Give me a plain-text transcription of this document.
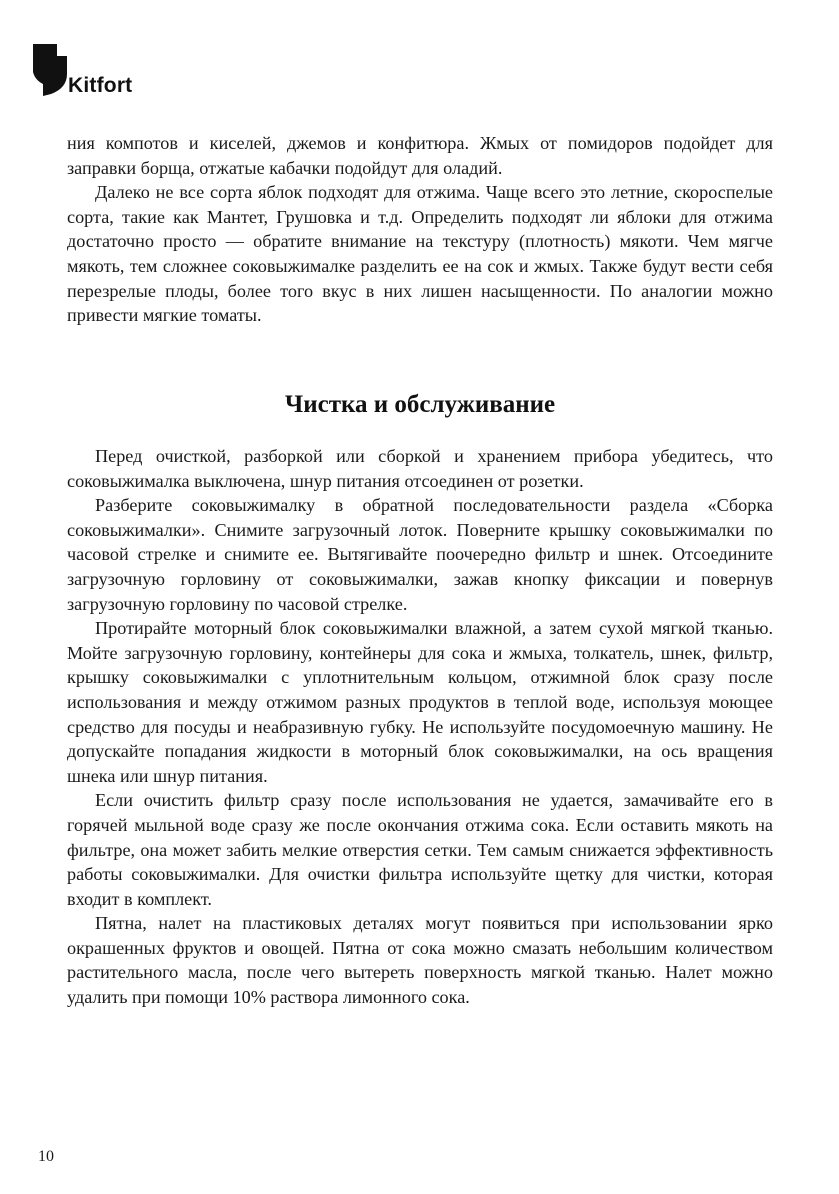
Kitfort

ния компотов и киселей, джемов и конфитюра. Жмых от помидоров подойдет для заправки борща, отжатые кабачки подойдут для оладий.

Далеко не все сорта яблок подходят для отжима. Чаще всего это летние, скороспелые сорта, такие как Мантет, Грушовка и т.д. Определить подходят ли яблоки для отжима достаточно просто — обратите внимание на текстуру (плотность) мякоти. Чем мягче мякоть, тем сложнее соковыжималке разделить ее на сок и жмых. Также будут вести себя перезрелые плоды, более того вкус в них лишен насыщенности. По аналогии можно привести мягкие томаты.

Чистка и обслуживание

Перед очисткой, разборкой или сборкой и хранением прибора убедитесь, что соковыжималка выключена, шнур питания отсоединен от розетки.

Разберите соковыжималку в обратной последовательности раздела «Сборка соковыжималки». Снимите загрузочный лоток. Поверните крышку соковыжималки по часовой стрелке и снимите ее. Вытягивайте поочередно фильтр и шнек. Отсоедините загрузочную горловину от соковыжималки, зажав кнопку фиксации и повернув загрузочную горловину по часовой стрелке.

Протирайте моторный блок соковыжималки влажной, а затем сухой мягкой тканью. Мойте загрузочную горловину, контейнеры для сока и жмыха, толкатель, шнек, фильтр, крышку соковыжималки с уплотнительным кольцом, отжимной блок сразу после использования и между отжимом разных продуктов в теплой воде, используя моющее средство для посуды и неабразивную губку. Не используйте посудомоечную машину. Не допускайте попадания жидкости в моторный блок соковыжималки, на ось вращения шнека или шнур питания.

Если очистить фильтр сразу после использования не удается, замачивайте его в горячей мыльной воде сразу же после окончания отжима сока. Если оставить мякоть на фильтре, она может забить мелкие отверстия сетки. Тем самым снижается эффективность работы соковыжималки. Для очистки фильтра используйте щетку для чистки, которая входит в комплект.

Пятна, налет на пластиковых деталях могут появиться при использовании ярко окрашенных фруктов и овощей. Пятна от сока можно смазать небольшим количеством растительного масла, после чего вытереть поверхность мягкой тканью. Налет можно удалить при помощи 10% раствора лимонного сока.

10
